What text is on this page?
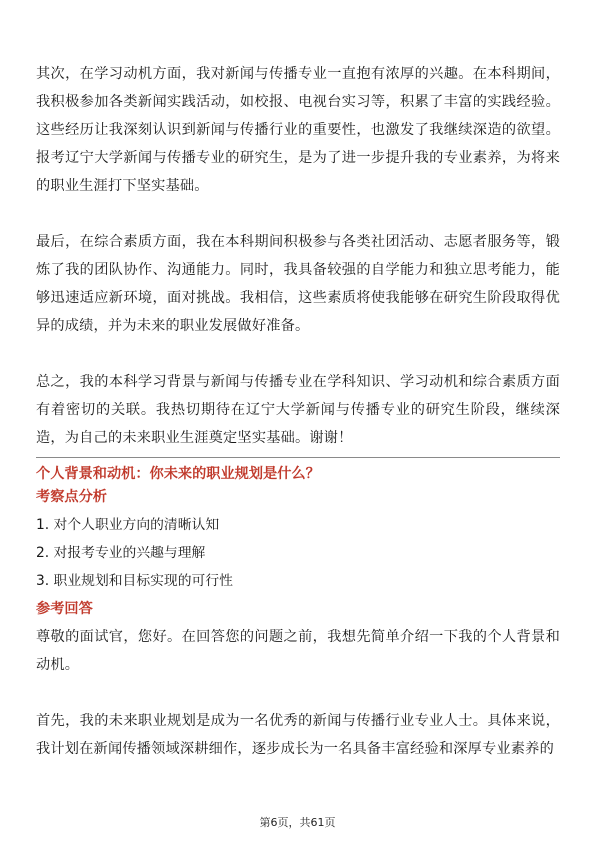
其次，在学习动机方面，我对新闻与传播专业一直抱有浓厚的兴趣。在本科期间，我积极参加各类新闻实践活动，如校报、电视台实习等，积累了丰富的实践经验。这些经历让我深刻认识到新闻与传播行业的重要性，也激发了我继续深造的欲望。报考辽宁大学新闻与传播专业的研究生，是为了进一步提升我的专业素养，为将来的职业生涯打下坚实基础。

最后，在综合素质方面，我在本科期间积极参与各类社团活动、志愿者服务等，锻炼了我的团队协作、沟通能力。同时，我具备较强的自学能力和独立思考能力，能够迅速适应新环境，面对挑战。我相信，这些素质将使我能够在研究生阶段取得优异的成绩，并为未来的职业发展做好准备。

总之，我的本科学习背景与新闻与传播专业在学科知识、学习动机和综合素质方面有着密切的关联。我热切期待在辽宁大学新闻与传播专业的研究生阶段，继续深造，为自己的未来职业生涯奠定坚实基础。谢谢！

个人背景和动机：你未来的职业规划是什么？

考察点分析

1. 对个人职业方向的清晰认知
2. 对报考专业的兴趣与理解
3. 职业规划和目标实现的可行性

参考回答

尊敬的面试官，您好。在回答您的问题之前，我想先简单介绍一下我的个人背景和动机。

首先，我的未来职业规划是成为一名优秀的新闻与传播行业专业人士。具体来说，我计划在新闻传播领域深耕细作，逐步成长为一名具备丰富经验和深厚专业素养的

第6页，共61页
